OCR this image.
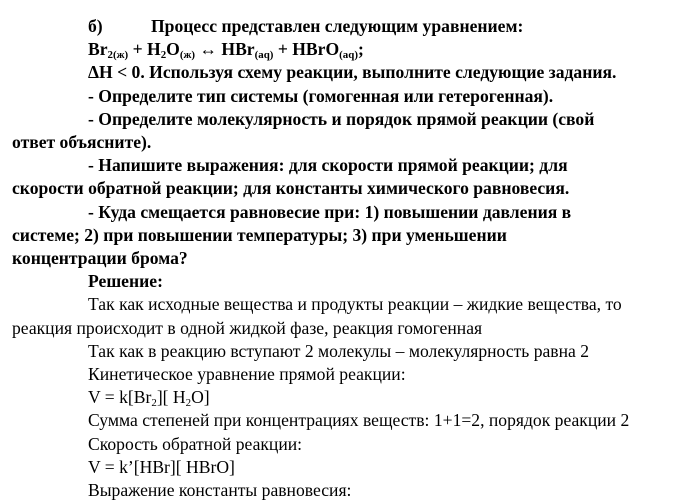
б)	Процесс представлен следующим уравнением:
$Br_{2(ж)} + H_2O_{(ж)}$ ↔ HBr$_{(aq)}$ + HBrO$_{(aq)}$;
ΔH < 0. Используя схему реакции, выполните следующие задания.
- Определите тип системы (гомогенная или гетерогенная).
- Определите молекулярность и порядок прямой реакции (свой
ответ объясните).
- Напишите выражения: для скорости прямой реакции; для
скорости обратной реакции; для константы химического равновесия.
- Куда смещается равновесие при: 1) повышении давления в
системе; 2) при повышении температуры; 3) при уменьшении
концентрации брома?
Решение:
Так как исходные вещества и продукты реакции – жидкие вещества, то
реакция происходит в одной жидкой фазе, реакция гомогенная
Так как в реакцию вступают 2 молекулы – молекулярность равна 2
Кинетическое уравнение прямой реакции:
$V = k[Br_2]$[ $H_2O$]
Сумма степеней при концентрациях веществ: 1+1=2, порядок реакции 2
Скорость обратной реакции:
V = k’[HBr][ HBrO]
Выражение константы равновесия:
